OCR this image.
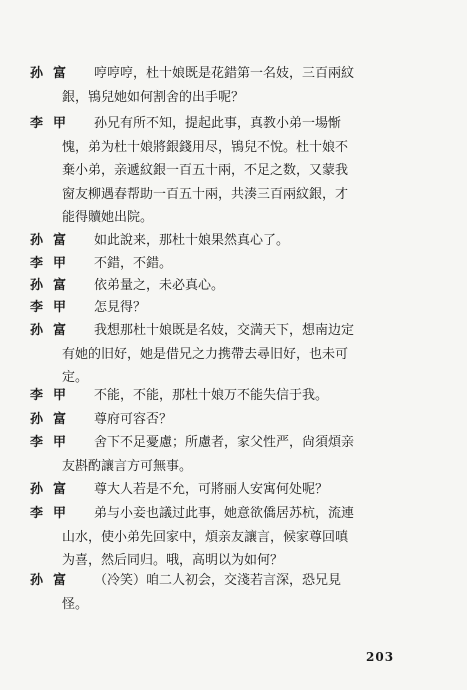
孙富	哼哼哼，杜十娘既是花錯第一名妓，三百兩紋
銀，鴇兒她如何割舍的出手呢？
李甲	孙兄有所不知，提起此事，真教小弟一場惭
愧，弟为杜十娘將銀錢用尽，鴇兒不悅。杜十娘不
棄小弟，亲遞紋銀一百五十兩，不足之数，又蒙我
窗友柳遇春帮助一百五十兩，共湊三百兩紋銀，才
能得贖她出院。
孙富	如此說来，那杜十娘果然真心了。
李甲	不錯，不錯。
孙富	依弟量之，未必真心。
李甲	怎見得？
孙富	我想那杜十娘既是名妓，交満天下，想南边定
有她的旧好，她是借兄之力携帶去尋旧好，也未可
定。
李甲	不能，不能，那杜十娘万不能失信于我。
孙富	尊府可容否？
李甲	舍下不足憂慮；所慮者，家父性严，尙須煩亲
友斟酌讓言方可無事。
孙富	尊大人若是不允，可將丽人安寓何处呢？
李甲	弟与小妾也議过此事，她意欲僑居苏杭，流連
山水，使小弟先回家中，煩亲友讓言，候家尊回嗔
为喜，然后同归。哦，高明以为如何？
孙富	（冷笑）咱二人初会，交淺若言深，恐兄見
怪。
203
